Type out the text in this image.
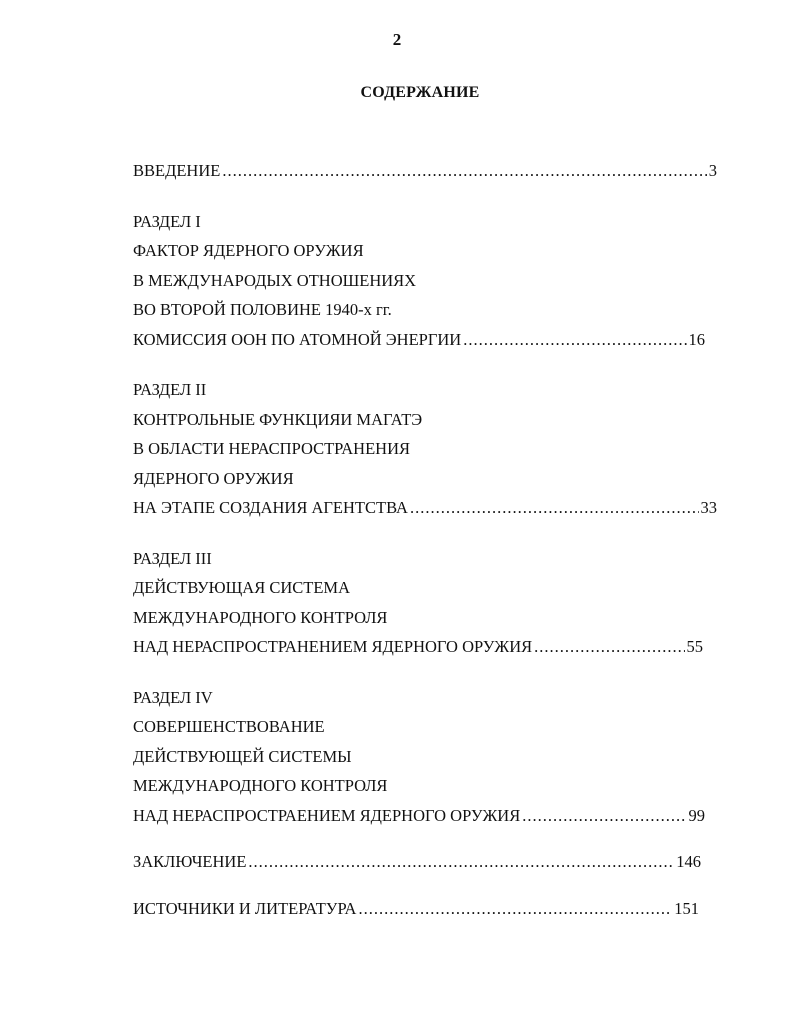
2
СОДЕРЖАНИЕ
ВВЕДЕНИЕ .....	3
РАЗДЕЛ I
ФАКТОР ЯДЕРНОГО ОРУЖИЯ
В МЕЖДУНАРОДЫХ ОТНОШЕНИЯХ
ВО ВТОРОЙ ПОЛОВИНЕ 1940-х гг.
КОМИССИЯ ООН ПО АТОМНОЙ ЭНЕРГИИ .....	16
РАЗДЕЛ II
КОНТРОЛЬНЫЕ ФУНКЦИЯИ МАГАТЭ
В ОБЛАСТИ НЕРАСПРОСТРАНЕНИЯ
ЯДЕРНОГО ОРУЖИЯ
НА ЭТАПЕ СОЗДАНИЯ АГЕНТСТВА .....	33
РАЗДЕЛ III
ДЕЙСТВУЮЩАЯ СИСТЕМА
МЕЖДУНАРОДНОГО КОНТРОЛЯ
НАД НЕРАСПРОСТРАНЕНИЕМ ЯДЕРНОГО ОРУЖИЯ .....	55
РАЗДЕЛ IV
СОВЕРШЕНСТВОВАНИЕ
ДЕЙСТВУЮЩЕЙ СИСТЕМЫ
МЕЖДУНАРОДНОГО КОНТРОЛЯ
НАД НЕРАСПРОСТРАЕНИЕМ ЯДЕРНОГО ОРУЖИЯ .....	99
ЗАКЛЮЧЕНИЕ .....	146
ИСТОЧНИКИ И ЛИТЕРАТУРА .....	151
